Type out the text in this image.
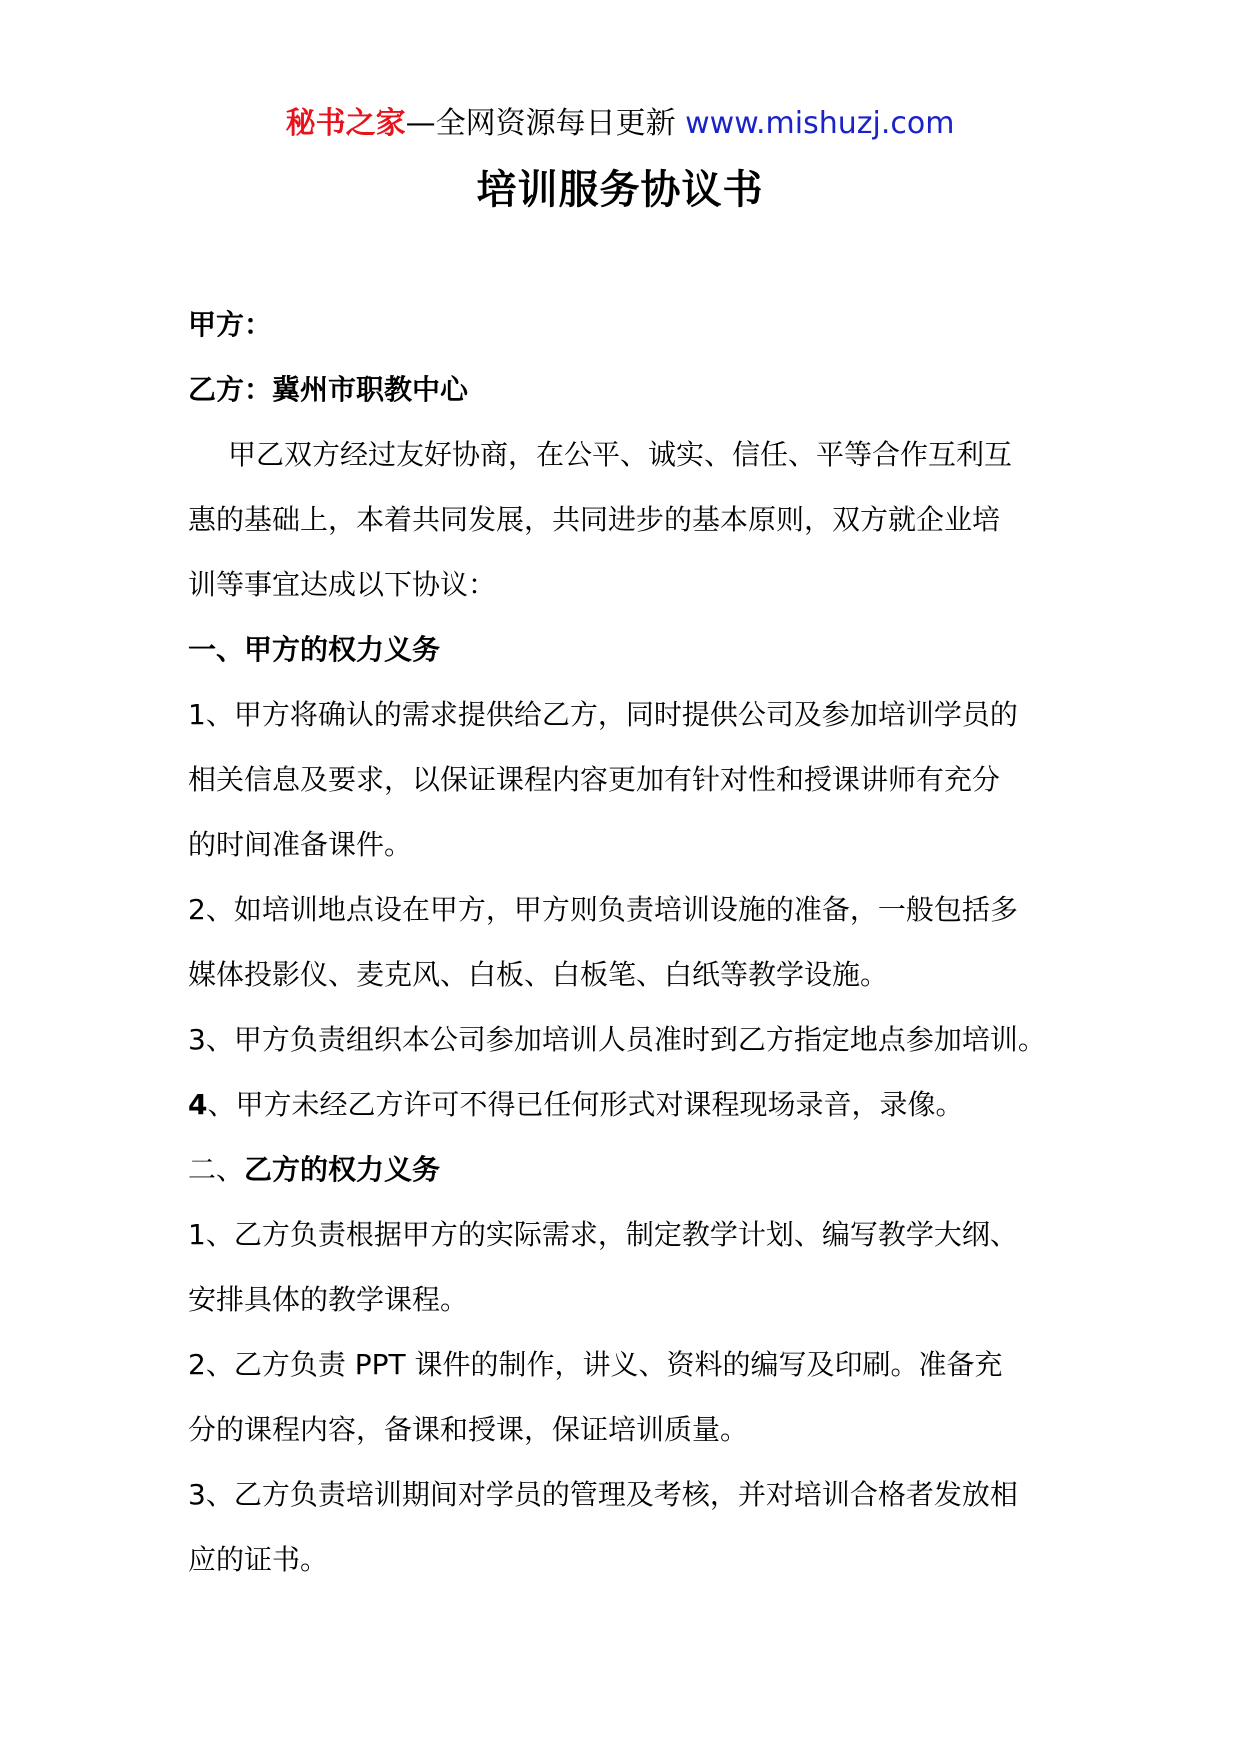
秘书之家—全网资源每日更新 www.mishuzj.com
培训服务协议书
甲方：
乙方：冀州市职教中心
甲乙双方经过友好协商，在公平、诚实、信任、平等合作互利互
惠的基础上，本着共同发展，共同进步的基本原则，双方就企业培
训等事宜达成以下协议：
一、甲方的权力义务
1、甲方将确认的需求提供给乙方，同时提供公司及参加培训学员的
相关信息及要求，以保证课程内容更加有针对性和授课讲师有充分
的时间准备课件。
2、如培训地点设在甲方，甲方则负责培训设施的准备，一般包括多
媒体投影仪、麦克风、白板、白板笔、白纸等教学设施。
3、甲方负责组织本公司参加培训人员准时到乙方指定地点参加培训。
4、甲方未经乙方许可不得已任何形式对课程现场录音，录像。
二、乙方的权力义务
1、乙方负责根据甲方的实际需求，制定教学计划、编写教学大纲、
安排具体的教学课程。
2、乙方负责 PPT 课件的制作，讲义、资料的编写及印刷。准备充
分的课程内容，备课和授课，保证培训质量。
3、乙方负责培训期间对学员的管理及考核，并对培训合格者发放相
应的证书。
